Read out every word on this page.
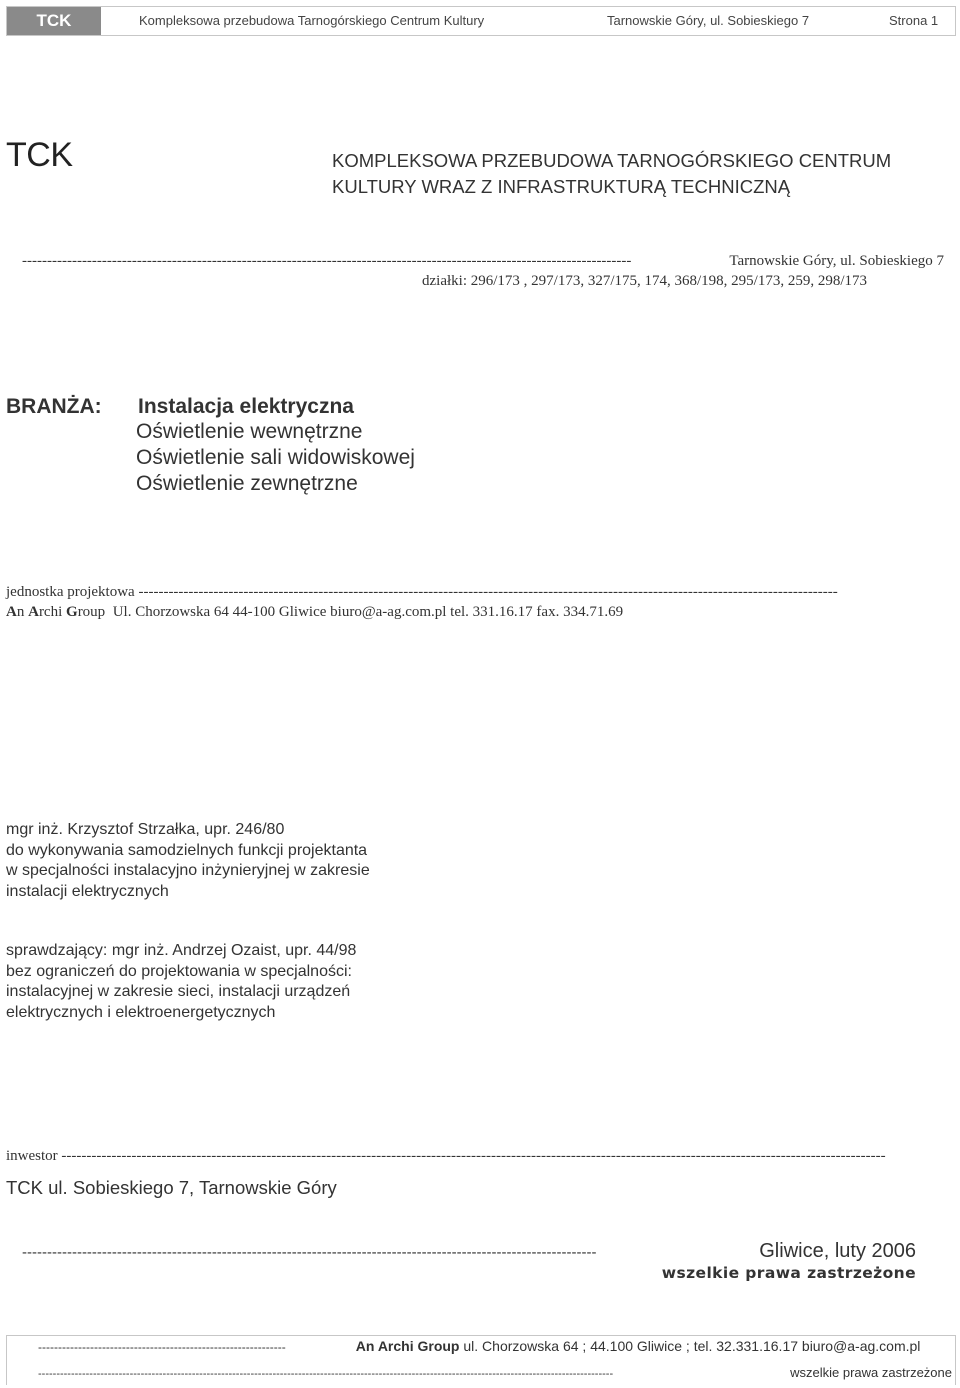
TCK	Kompleksowa przebudowa Tarnogórskiego Centrum Kultury	Tarnowskie Góry, ul. Sobieskiego 7	Strona 1
TCK	KOMPLEKSOWA PRZEBUDOWA TARNOGÓRSKIEGO CENTRUM
KULTURY WRAZ Z INFRASTRUKTURĄ TECHNICZNĄ
--------------------------------------------------------------------------------------------------------------------------	Tarnowskie Góry, ul. Sobieskiego 7
działki: 296/173 , 297/173, 327/175, 174, 368/198, 295/173, 259, 298/173
BRANŻA: Instalacja elektryczna
Oświetlenie wewnętrzne
Oświetlenie sali widowiskowej
Oświetlenie zewnętrzne
jednostka projektowa
--------------------------------------------------------------------------------------------------------------------------------------------
An Archi Group Ul. Chorzowska 64 44-100 Gliwice biuro@a-ag.com.pl tel. 331.16.17 fax. 334.71.69
mgr inż. Krzysztof Strzałka, upr. 246/80
do wykonywania samodzielnych funkcji projektanta
w specjalności instalacyjno inżynieryjnej w zakresie
instalacji elektrycznych
sprawdzający: mgr inż. Andrzej Ozaist, upr. 44/98
bez ograniczeń do projektowania w specjalności:
instalacyjnej w zakresie sieci, instalacji urządzeń
elektrycznych i elektroenergetycznych
inwestor
---------------------------------------------------------------------------------------------------------------------------------------------------------------------
TCK ul. Sobieskiego 7, Tarnowskie Góry
-------------------------------------------------------------------------------------------------------------------
	Gliwice, luty 2006
wszelkie prawa zastrzeżone
--------------------------------------------------------------
	An Archi Group
ul. Chorzowska 64 ; 44.100 Gliwice ; tel. 32.331.16.17 biuro@a-ag.com.pl
-------------------------------------------------------------------------------------------------------------------------------------------------------------	wszelkie prawa zastrzeżone
